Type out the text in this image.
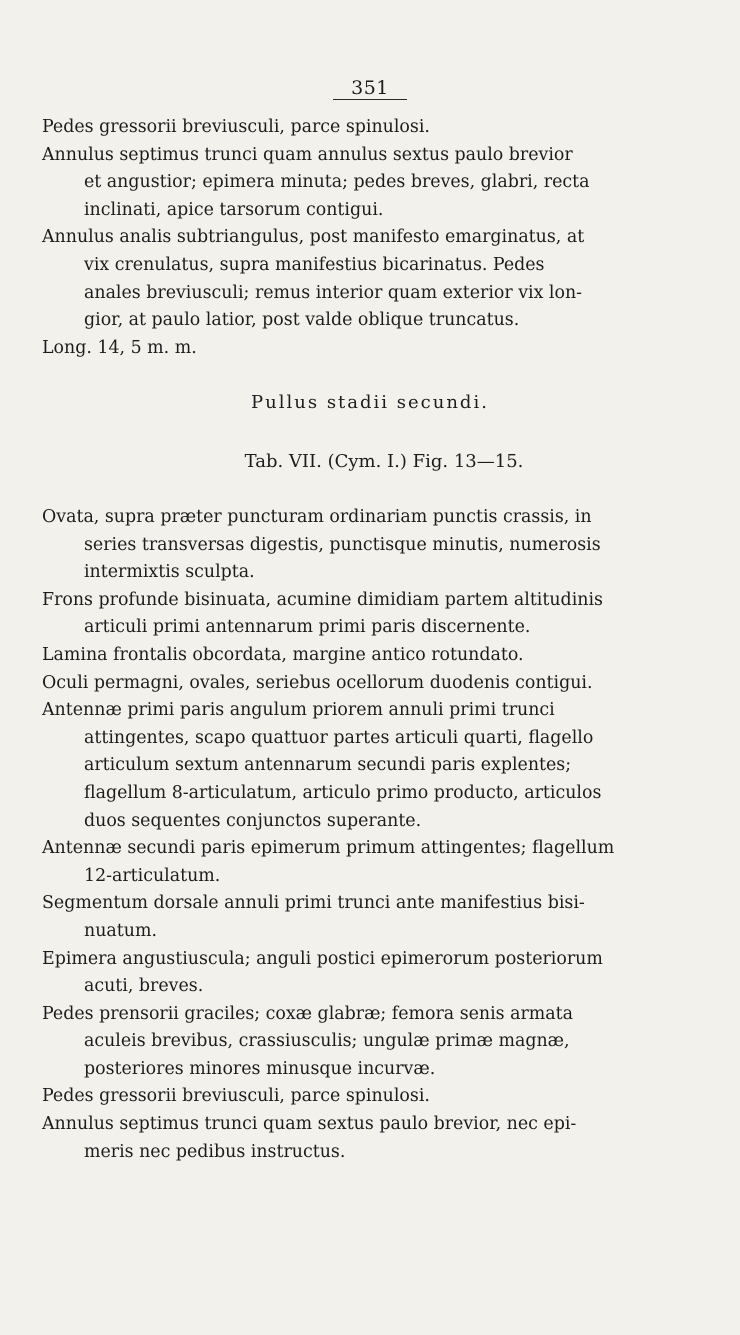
351

Pedes gressorii breviusculi, parce spinulosi.

Annulus septimus trunci quam annulus sextus paulo brevior
et angustior; epimera minuta; pedes breves, glabri, recta
inclinati, apice tarsorum contigui.

Annulus analis subtriangulus, post manifesto emarginatus, at
vix crenulatus, supra manifestius bicarinatus. Pedes
anales breviusculi; remus interior quam exterior vix lon-
gior, at paulo latior, post valde oblique truncatus.

Long. 14, 5 m. m.

Pullus stadii secundi.
Tab. VII. (Cym. I.) Fig. 13—15.

Ovata, supra præter puncturam ordinariam punctis crassis, in
series transversas digestis, punctisque minutis, numerosis
intermixtis sculpta.

Frons profunde bisinuata, acumine dimidiam partem altitudinis
articuli primi antennarum primi paris discernente.

Lamina frontalis obcordata, margine antico rotundato.

Oculi permagni, ovales, seriebus ocellorum duodenis contigui.

Antennæ primi paris angulum priorem annuli primi trunci
attingentes, scapo quattuor partes articuli quarti, flagello
articulum sextum antennarum secundi paris explentes;
flagellum 8-articulatum, articulo primo producto, articulos
duos sequentes conjunctos superante.

Antennæ secundi paris epimerum primum attingentes; flagellum
12-articulatum.

Segmentum dorsale annuli primi trunci ante manifestius bisi-
nuatum.

Epimera angustiuscula; anguli postici epimerorum posteriorum
acuti, breves.

Pedes prensorii graciles; coxæ glabræ; femora senis armata
aculeis brevibus, crassiusculis; ungulæ primæ magnæ,
posteriores minores minusque incurvæ.

Pedes gressorii breviusculi, parce spinulosi.

Annulus septimus trunci quam sextus paulo brevior, nec epi-
meris nec pedibus instructus.
